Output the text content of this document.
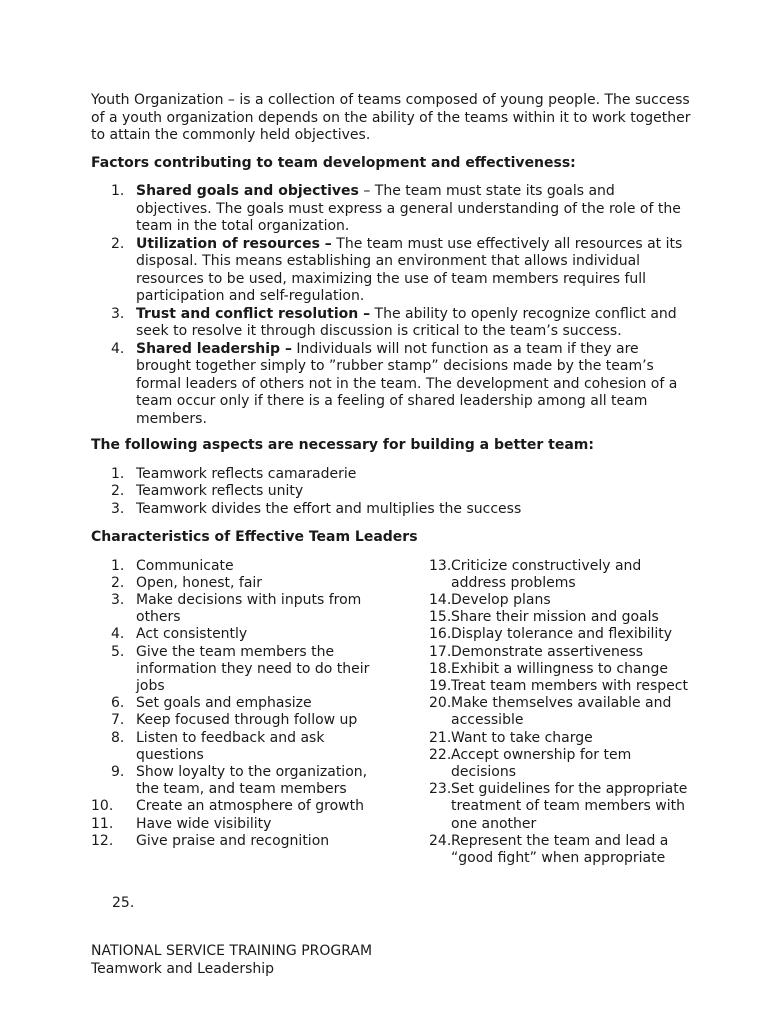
Youth Organization – is a collection of teams composed of young people. The success of a youth organization depends on the ability of the teams within it to work together to attain the commonly held objectives.

Factors contributing to team development and effectiveness:
1. Shared goals and objectives – The team must state its goals and objectives. The goals must express a general understanding of the role of the team in the total organization.
2. Utilization of resources – The team must use effectively all resources at its disposal. This means establishing an environment that allows individual resources to be used, maximizing the use of team members requires full participation and self-regulation.
3. Trust and conflict resolution – The ability to openly recognize conflict and seek to resolve it through discussion is critical to the team’s success.
4. Shared leadership – Individuals will not function as a team if they are brought together simply to ”rubber stamp” decisions made by the team’s formal leaders of others not in the team. The development and cohesion of a team occur only if there is a feeling of shared leadership among all team members.
The following aspects are necessary for building a better team:
1. Teamwork reflects camaraderie
2. Teamwork reflects unity
3. Teamwork divides the effort and multiplies the success
Characteristics of Effective Team Leaders
1. Communicate
2. Open, honest, fair
3. Make decisions with inputs from others
4. Act consistently
5. Give the team members the information they need to do their jobs
6. Set goals and emphasize
7. Keep focused through follow up
8. Listen to feedback and ask questions
9. Show loyalty to the organization, the team, and team members
10. Create an atmosphere of growth
11. Have wide visibility
12. Give praise and recognition
13. Criticize constructively and address problems
14. Develop plans
15. Share their mission and goals
16. Display tolerance and flexibility
17. Demonstrate assertiveness
18. Exhibit a willingness to change
19. Treat team members with respect
20. Make themselves available and accessible
21. Want to take charge
22. Accept ownership for tem decisions
23. Set guidelines for the appropriate treatment of team members with one another
24. Represent the team and lead a “good fight” when appropriate
25.
NATIONAL SERVICE TRAINING PROGRAM
Teamwork and Leadership
